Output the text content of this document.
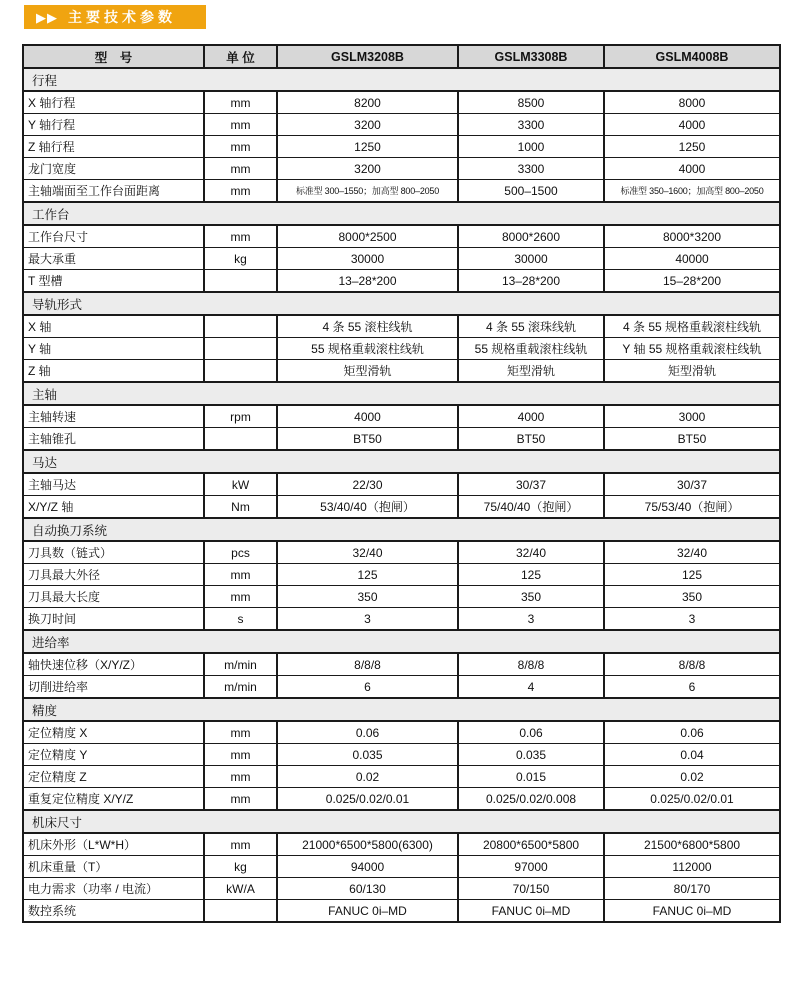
▶▶ 主要技术参数
型　号	单 位	GSLM3208B	GSLM3308B	GSLM4008B
行程				
X 轴行程	mm	8200	8500	8000
Y 轴行程	mm	3200	3300	4000
Z 轴行程	mm	1250	1000	1250
龙门宽度	mm	3200	3300	4000
主轴端面至工作台面距离	mm	标准型 300–1550；加高型 800–2050	500–1500	标准型 350–1600；加高型 800–2050
工作台				
工作台尺寸	mm	8000*2500	8000*2600	8000*3200
最大承重	kg	30000	30000	40000
T 型槽		13–28*200	13–28*200	15–28*200
导轨形式				
X 轴		4 条 55 滚柱线轨	4 条 55 滚珠线轨	4 条 55 规格重载滚柱线轨
Y 轴		55 规格重载滚柱线轨	55 规格重载滚柱线轨	Y 轴 55 规格重载滚柱线轨
Z 轴		矩型滑轨	矩型滑轨	矩型滑轨
主轴				
主轴转速	rpm	4000	4000	3000
主轴锥孔		BT50	BT50	BT50
马达				
主轴马达	kW	22/30	30/37	30/37
X/Y/Z 轴	Nm	53/40/40（抱闸）	75/40/40（抱闸）	75/53/40（抱闸）
自动换刀系统				
刀具数（链式）	pcs	32/40	32/40	32/40
刀具最大外径	mm	125	125	125
刀具最大长度	mm	350	350	350
换刀时间	s	3	3	3
进给率				
轴快速位移（X/Y/Z）	m/min	8/8/8	8/8/8	8/8/8
切削进给率	m/min	6	4	6
精度				
定位精度 X	mm	0.06	0.06	0.06
定位精度 Y	mm	0.035	0.035	0.04
定位精度 Z	mm	0.02	0.015	0.02
重复定位精度 X/Y/Z	mm	0.025/0.02/0.01	0.025/0.02/0.008	0.025/0.02/0.01
机床尺寸				
机床外形（L*W*H）	mm	21000*6500*5800(6300)	20800*6500*5800	21500*6800*5800
机床重量（T）	kg	94000	97000	112000
电力需求（功率 / 电流）	kW/A	60/130	70/150	80/170
数控系统		FANUC 0i–MD	FANUC 0i–MD	FANUC 0i–MD
